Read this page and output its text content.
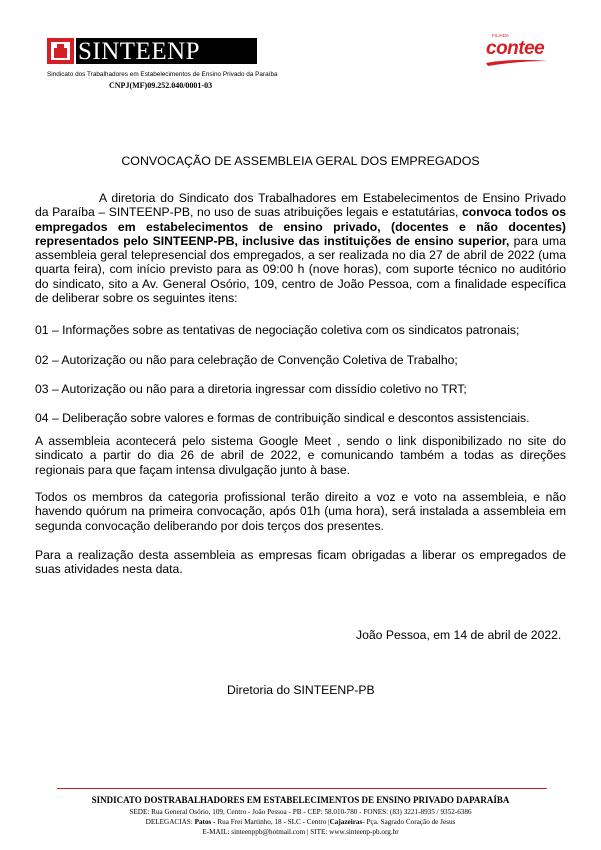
SINTEENP
Sindicato dos Trabalhadores em Estabelecimentos de Ensino Privado da Paraíba
CNPJ(MF)09.252.040/0001-03
FILIADA
contee
CONVOCAÇÃO DE ASSEMBLEIA GERAL DOS EMPREGADOS

A diretoria do Sindicato dos Trabalhadores em Estabelecimentos de Ensino Privado da Paraíba – SINTEENP-PB, no uso de suas atribuições legais e estatutárias, convoca todos os empregados em estabelecimentos de ensino privado, (docentes e não docentes) representados pelo SINTEENP-PB, inclusive das instituições de ensino superior, para uma assembleia geral telepresencial dos empregados, a ser realizada no dia 27 de abril de 2022 (uma quarta feira), com início previsto para as 09:00 h (nove horas), com suporte técnico no auditório do sindicato, sito a Av. General Osório, 109, centro de João Pessoa, com a finalidade específica de deliberar sobre os seguintes itens:

01 – Informações sobre as tentativas de negociação coletiva com os sindicatos patronais;
02 – Autorização ou não para celebração de Convenção Coletiva de Trabalho;
03 – Autorização ou não para a diretoria ingressar com dissídio coletivo no TRT;
04 – Deliberação sobre valores e formas de contribuição sindical e descontos assistenciais.

A assembleia acontecerá pelo sistema Google Meet , sendo o link disponibilizado no site do sindicato a partir do dia 26 de abril de 2022, e comunicando também a todas as direções regionais para que façam intensa divulgação junto à base.

Todos os membros da categoria profissional terão direito a voz e voto na assembleia, e não havendo quórum na primeira convocação, após 01h (uma hora), será instalada a assembleia em segunda convocação deliberando por dois terços dos presentes.

Para a realização desta assembleia as empresas ficam obrigadas a liberar os empregados de suas atividades nesta data.

João Pessoa, em 14 de abril de 2022.
Diretoria do SINTEENP-PB
SINDICATO DOSTRABALHADORES EM ESTABELECIMENTOS DE ENSINO PRIVADO DAPARAÍBA
SEDE: Rua General Osório, 109, Centro - João Pessoa - PB - CEP: 58.010-780 - FONES: (83) 3221-8935 / 9352-6386
DELEGACIAS: Patos - Rua Frei Martinho, 18 - SLC - Centro |Cajazeiras- Pça. Sagrado Coração de Jesus
E-MAIL: sinteenppb@hotmail.com | SITE: www.sinteenp-pb.org.br
